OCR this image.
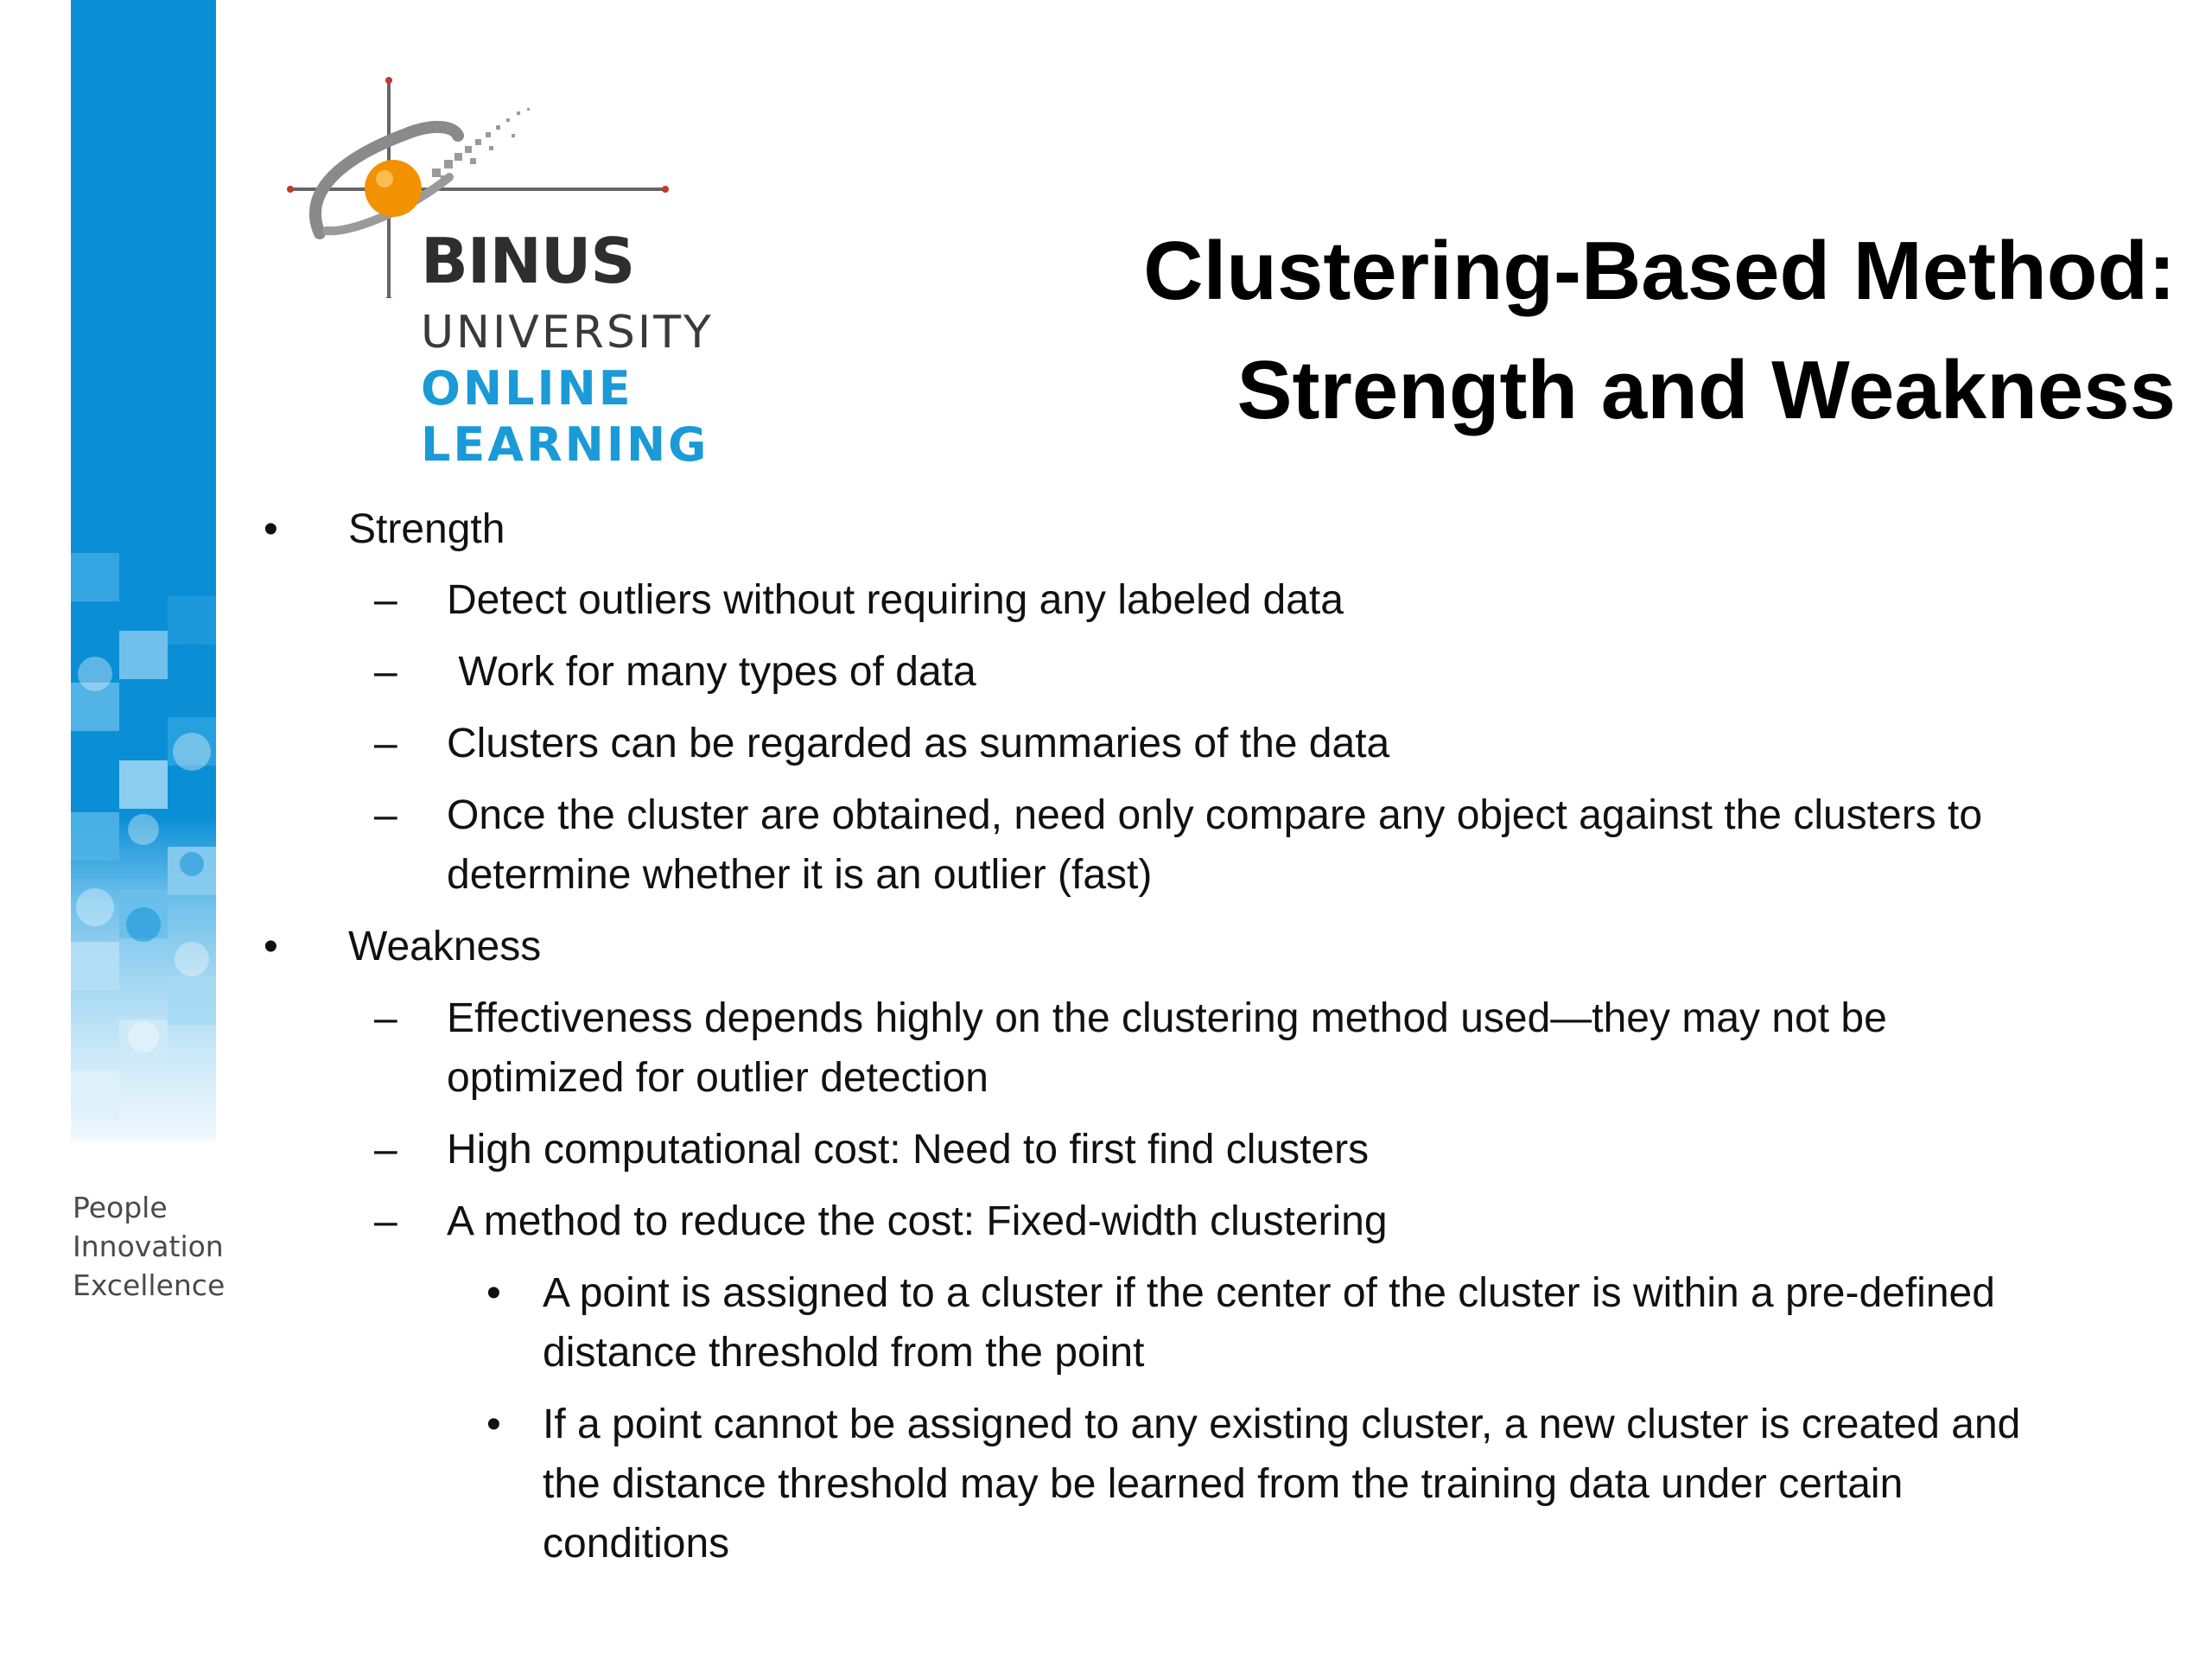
People
Innovation
Excellence
BINUS
UNIVERSITY
ONLINE
LEARNING
Clustering-Based Method:
Strength and Weakness
• Strength
– Detect outliers without requiring any labeled data
– Work for many types of data
– Clusters can be regarded as summaries of the data
– Once the cluster are obtained, need only compare any object against the clusters to
determine whether it is an outlier (fast)
• Weakness
– Effectiveness depends highly on the clustering method used—they may not be
optimized for outlier detection
– High computational cost: Need to first find clusters
– A method to reduce the cost: Fixed-width clustering
• A point is assigned to a cluster if the center of the cluster is within a pre-defined
distance threshold from the point
• If a point cannot be assigned to any existing cluster, a new cluster is created and
the distance threshold may be learned from the training data under certain
conditions
